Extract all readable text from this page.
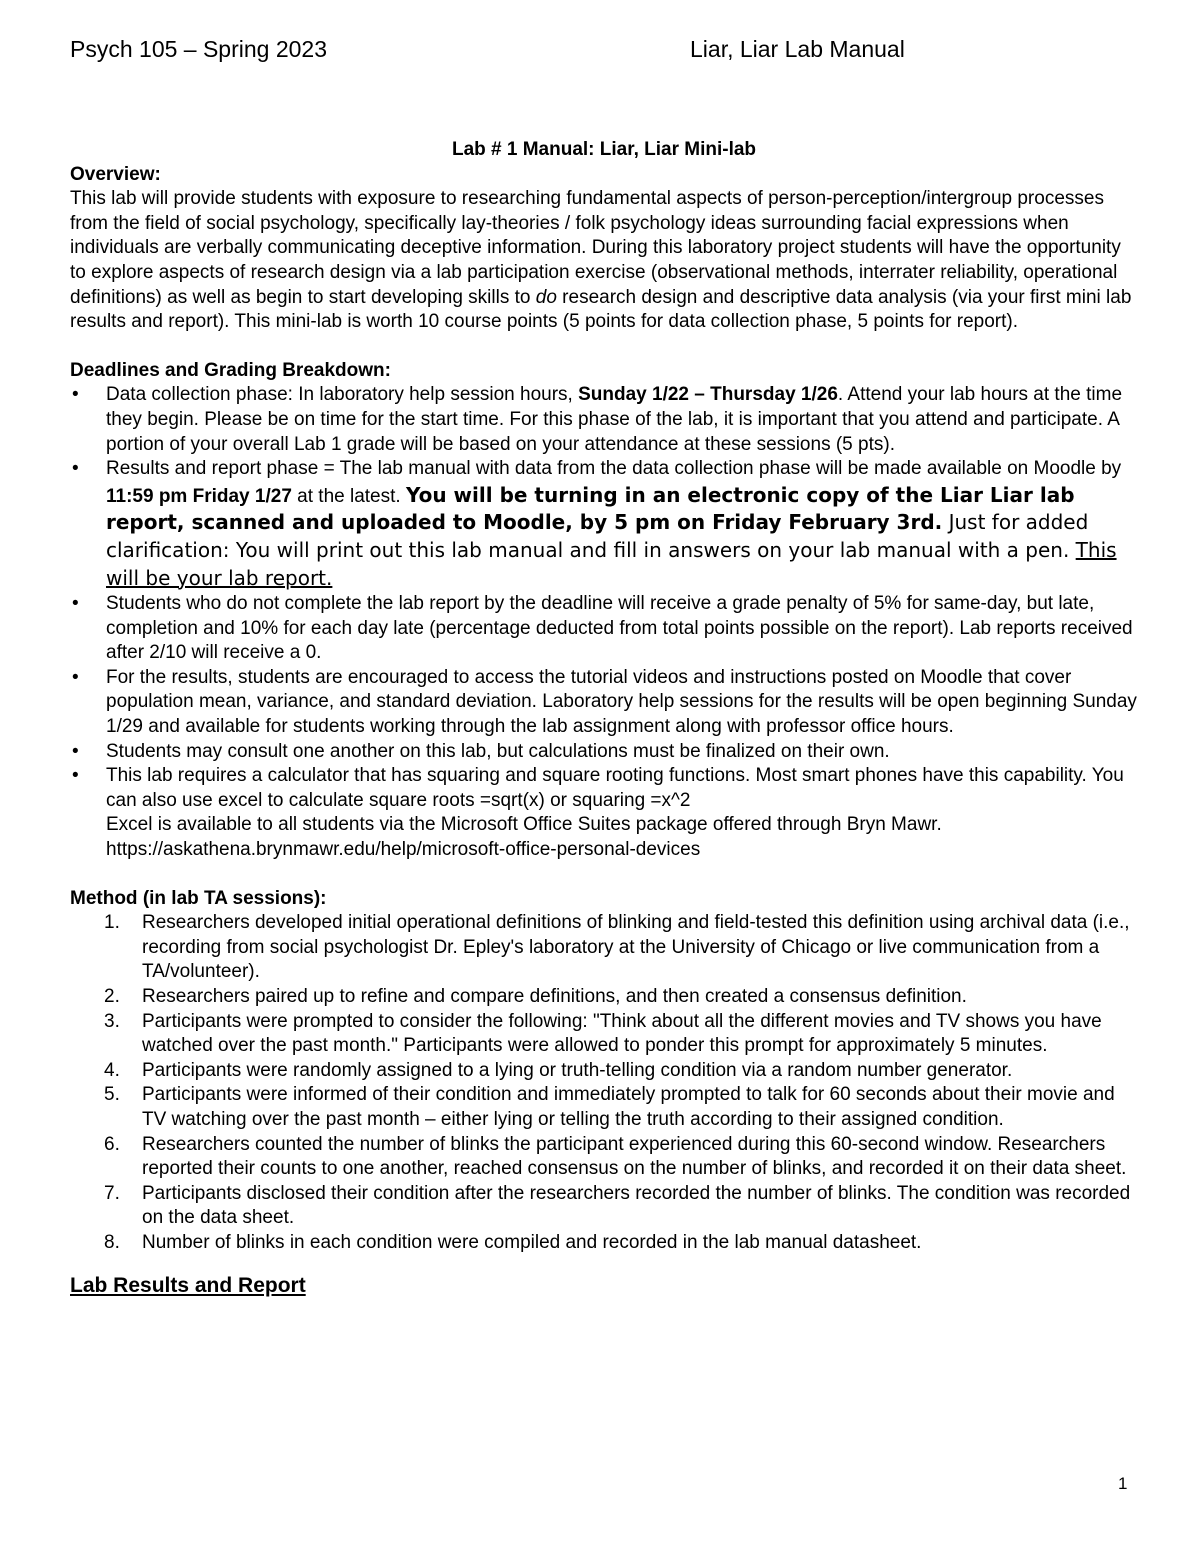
Psych 105 – Spring 2023	Liar, Liar Lab Manual
Lab # 1 Manual: Liar, Liar Mini-lab
Overview:

This lab will provide students with exposure to researching fundamental aspects of person-perception/intergroup processes from the field of social psychology, specifically lay-theories / folk psychology ideas surrounding facial expressions when individuals are verbally communicating deceptive information. During this laboratory project students will have the opportunity to explore aspects of research design via a lab participation exercise (observational methods, interrater reliability, operational definitions) as well as begin to start developing skills to do research design and descriptive data analysis (via your first mini lab results and report). This mini-lab is worth 10 course points (5 points for data collection phase, 5 points for report).

Deadlines and Grading Breakdown:
• Data collection phase: In laboratory help session hours, Sunday 1/22 – Thursday 1/26. Attend your lab hours at the time they begin. Please be on time for the start time. For this phase of the lab, it is important that you attend and participate. A portion of your overall Lab 1 grade will be based on your attendance at these sessions (5 pts).
• Results and report phase = The lab manual with data from the data collection phase will be made available on Moodle by 11:59 pm Friday 1/27 at the latest. You will be turning in an electronic copy of the Liar Liar lab report, scanned and uploaded to Moodle, by 5 pm on Friday February 3rd. Just for added clarification: You will print out this lab manual and fill in answers on your lab manual with a pen. This will be your lab report.
• Students who do not complete the lab report by the deadline will receive a grade penalty of 5% for same-day, but late, completion and 10% for each day late (percentage deducted from total points possible on the report). Lab reports received after 2/10 will receive a 0.
• For the results, students are encouraged to access the tutorial videos and instructions posted on Moodle that cover population mean, variance, and standard deviation. Laboratory help sessions for the results will be open beginning Sunday 1/29 and available for students working through the lab assignment along with professor office hours.
• Students may consult one another on this lab, but calculations must be finalized on their own.
• This lab requires a calculator that has squaring and square rooting functions. Most smart phones have this capability. You can also use excel to calculate square roots =sqrt(x) or squaring =x^2
Excel is available to all students via the Microsoft Office Suites package offered through Bryn Mawr.
https://askathena.brynmawr.edu/help/microsoft-office-personal-devices
Method (in lab TA sessions):
1. Researchers developed initial operational definitions of blinking and field-tested this definition using archival data (i.e., recording from social psychologist Dr. Epley's laboratory at the University of Chicago or live communication from a TA/volunteer).
2. Researchers paired up to refine and compare definitions, and then created a consensus definition.
3. Participants were prompted to consider the following: "Think about all the different movies and TV shows you have watched over the past month." Participants were allowed to ponder this prompt for approximately 5 minutes.
4. Participants were randomly assigned to a lying or truth-telling condition via a random number generator.
5. Participants were informed of their condition and immediately prompted to talk for 60 seconds about their movie and TV watching over the past month – either lying or telling the truth according to their assigned condition.
6. Researchers counted the number of blinks the participant experienced during this 60-second window. Researchers reported their counts to one another, reached consensus on the number of blinks, and recorded it on their data sheet.
7. Participants disclosed their condition after the researchers recorded the number of blinks. The condition was recorded on the data sheet.
8. Number of blinks in each condition were compiled and recorded in the lab manual datasheet.
Lab Results and Report
1
